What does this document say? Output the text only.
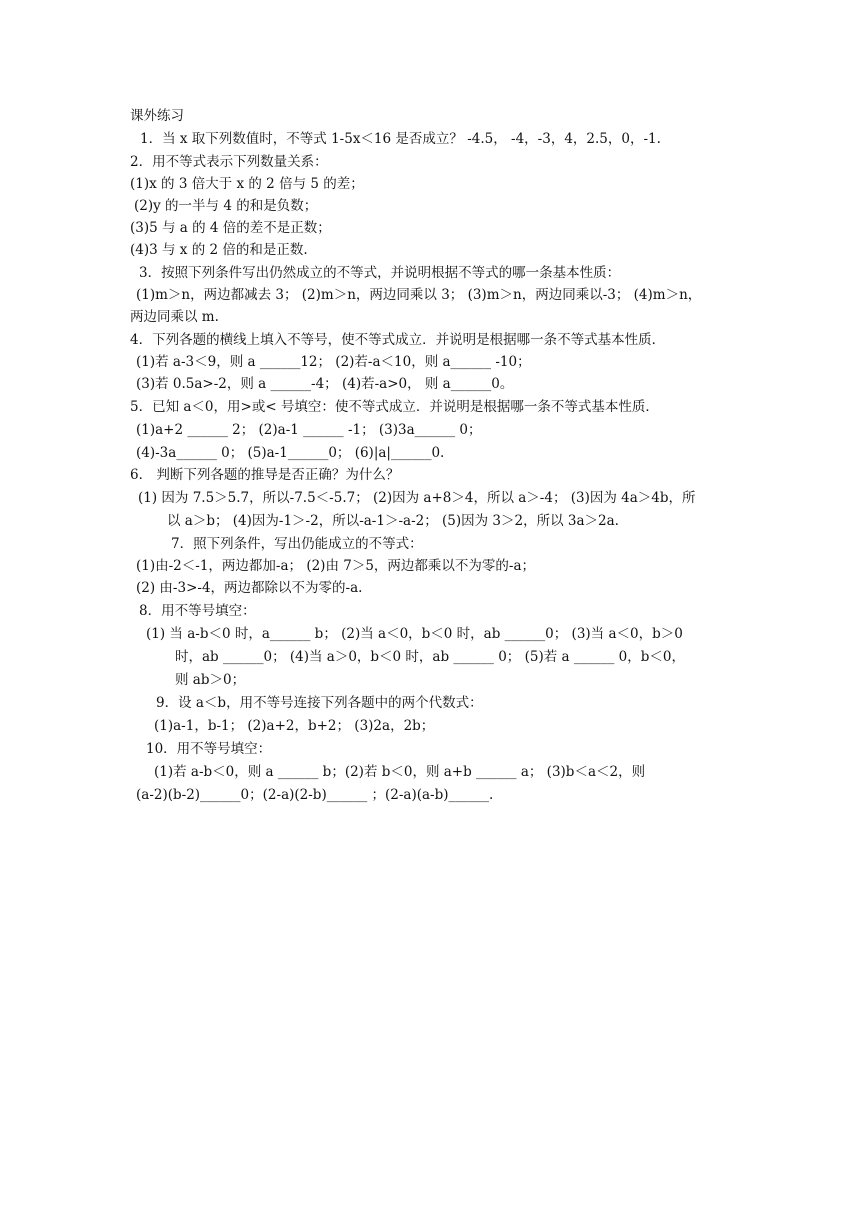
课外练习
1．当 x 取下列数值时，不等式 1-5x＜16 是否成立？ -4.5， -4，-3，4，2.5，0，-1.
2．用不等式表示下列数量关系：
(1)x 的 3 倍大于 x 的 2 倍与 5 的差；
(2)y 的一半与 4 的和是负数；
(3)5 与 a 的 4 倍的差不是正数；
(4)3 与 x 的 2 倍的和是正数.
3．按照下列条件写出仍然成立的不等式，并说明根据不等式的哪一条基本性质：
(1)m＞n，两边都减去 3； (2)m＞n，两边同乘以 3； (3)m＞n，两边同乘以-3； (4)m＞n，
两边同乘以 m.
4．下列各题的横线上填入不等号，使不等式成立．并说明是根据哪一条不等式基本性质．
(1)若 a-3＜9，则 a ______12； (2)若-a＜10，则 a______ -10；
(3)若 0.5a>-2，则 a ______-4； (4)若-a>0， 则 a______0。
5．已知 a＜0，用>或< 号填空：使不等式成立．并说明是根据哪一条不等式基本性质．
(1)a+2 ______ 2； (2)a-1 ______ -1； (3)3a______ 0；
(4)-3a______ 0； (5)a-1______0； (6)|a|______0.
6． 判断下列各题的推导是否正确？为什么？
(1) 因为 7.5＞5.7，所以-7.5＜-5.7； (2)因为 a+8＞4，所以 a＞-4； (3)因为 4a＞4b，所
以 a＞b； (4)因为-1＞-2，所以-a-1＞-a-2； (5)因为 3＞2，所以 3a＞2a.
7．照下列条件，写出仍能成立的不等式：
(1)由-2＜-1，两边都加-a； (2)由 7＞5，两边都乘以不为零的-a；
(2) 由-3>-4，两边都除以不为零的-a.
8．用不等号填空：
(1) 当 a-b＜0 时，a______ b； (2)当 a＜0，b＜0 时，ab ______0； (3)当 a＜0，b＞0
时，ab ______0； (4)当 a＞0，b＜0 时，ab ______ 0； (5)若 a ______ 0，b＜0，
则 ab＞0；
9．设 a＜b，用不等号连接下列各题中的两个代数式：
(1)a-1，b-1； (2)a+2，b+2； (3)2a，2b；
10．用不等号填空：
(1)若 a-b＜0，则 a ______ b；(2)若 b＜0，则 a+b ______ a； (3)b＜a＜2，则
(a-2)(b-2)______0；(2-a)(2-b)______ ；(2-a)(a-b)______.
